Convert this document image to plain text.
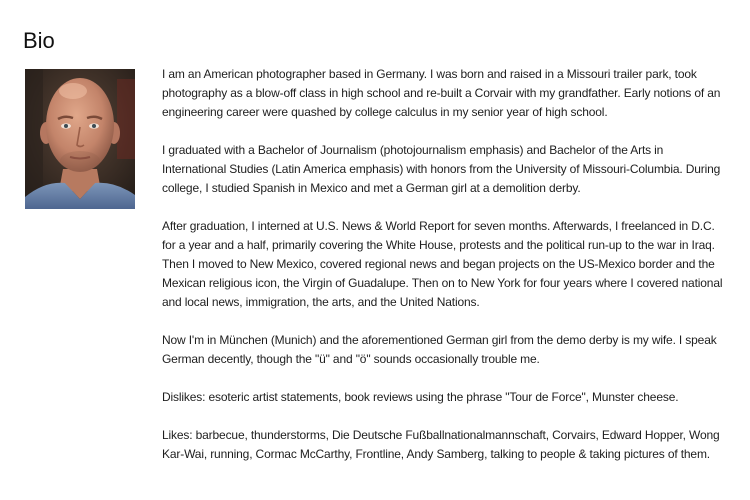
Bio

I am an American photographer based in Germany. I was born and raised in a Missouri trailer park, took photography as a blow-off class in high school and re-built a Corvair with my grandfather. Early notions of an engineering career were quashed by college calculus in my senior year of high school.

I graduated with a Bachelor of Journalism (photojournalism emphasis) and Bachelor of the Arts in International Studies (Latin America emphasis) with honors from the University of Missouri-Columbia. During college, I studied Spanish in Mexico and met a German girl at a demolition derby.

After graduation, I interned at U.S. News & World Report for seven months. Afterwards, I freelanced in D.C. for a year and a half, primarily covering the White House, protests and the political run-up to the war in Iraq. Then I moved to New Mexico, covered regional news and began projects on the US-Mexico border and the Mexican religious icon, the Virgin of Guadalupe. Then on to New York for four years where I covered national and local news, immigration, the arts, and the United Nations.

Now I'm in München (Munich) and the aforementioned German girl from the demo derby is my wife. I speak German decently, though the "ü" and "ö" sounds occasionally trouble me.

Dislikes: esoteric artist statements, book reviews using the phrase "Tour de Force", Munster cheese.

Likes: barbecue, thunderstorms, Die Deutsche Fußballnationalmannschaft, Corvairs, Edward Hopper, Wong Kar-Wai, running, Cormac McCarthy, Frontline, Andy Samberg, talking to people & taking pictures of them.
